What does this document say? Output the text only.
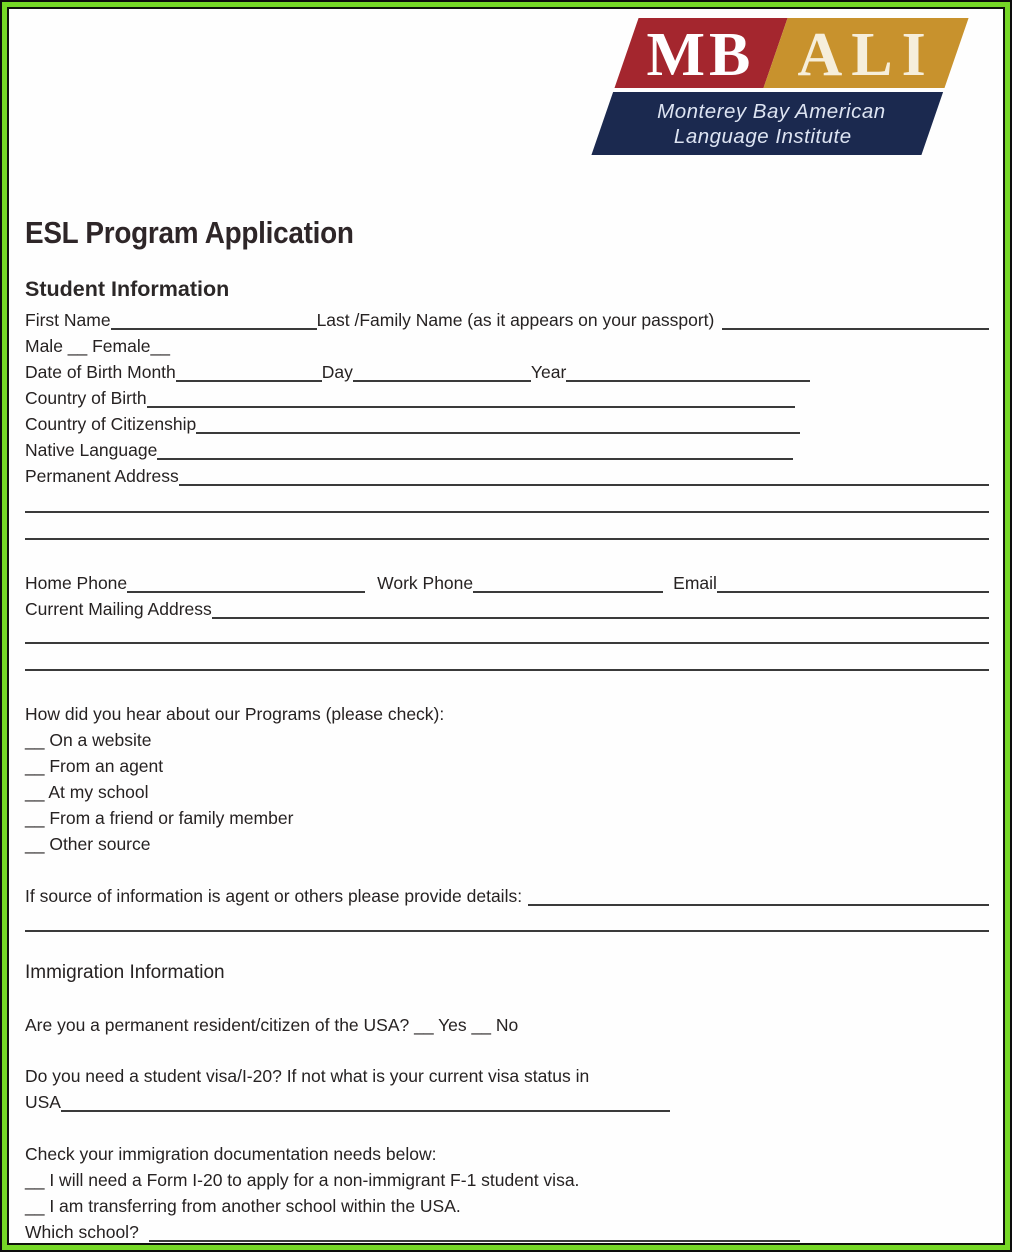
MB ALI
Monterey Bay American
Language Institute
ESL Program Application
Student Information
First Name	Last /Family Name (as it appears on your passport)
Male __ Female__
Date of Birth Month	Day	Year
Country of Birth
Country of Citizenship
Native Language
Permanent Address
Home Phone	Work Phone	Email
Current Mailing Address
How did you hear about our Programs (please check):
__ On a website
__ From an agent
__ At my school
__ From a friend or family member
__ Other source
If source of information is agent or others please provide details:
Immigration Information
Are you a permanent resident/citizen of the USA? __ Yes __ No
Do you need a student visa/I-20? If not what is your current visa status in
USA
Check your immigration documentation needs below:
__ I will need a Form I-20 to apply for a non-immigrant F-1 student visa.
__ I am transferring from another school within the USA.
Which school?
